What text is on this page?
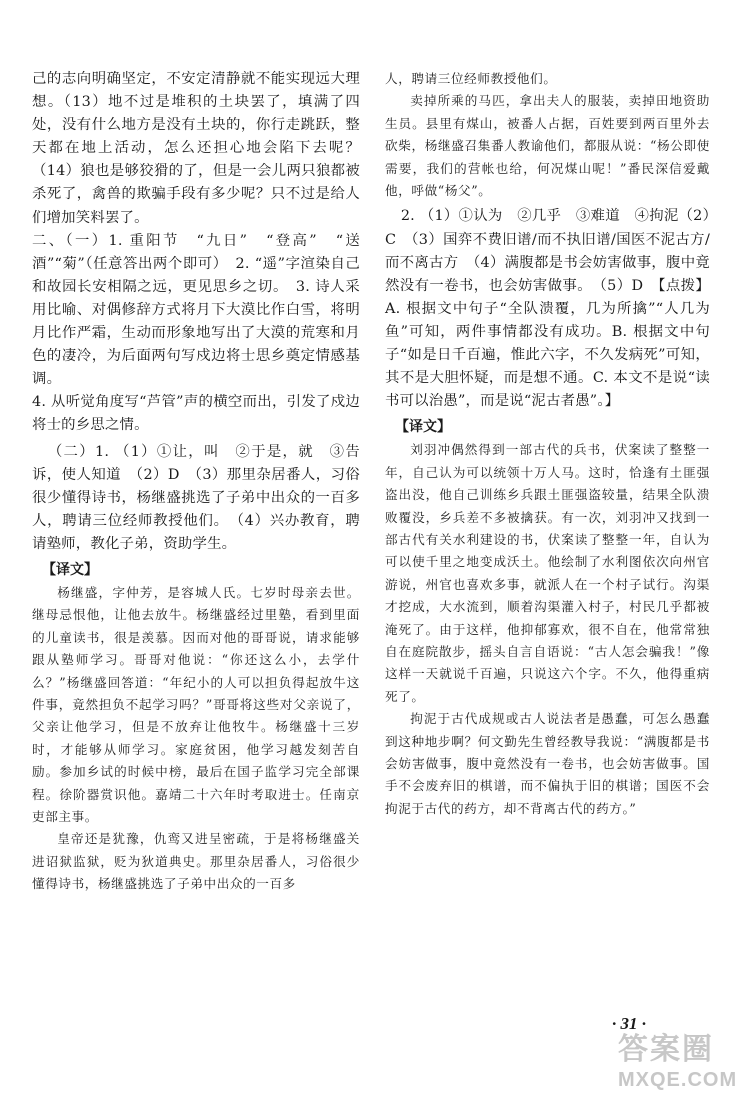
己的志向明确坚定，不安定清静就不能实现远大理想。（13）地不过是堆积的土块罢了，填满了四处，没有什么地方是没有土块的，你行走跳跃，整天都在地上活动，怎么还担心地会陷下去呢？（14）狼也是够狡猾的了，但是一会儿两只狼都被杀死了，禽兽的欺骗手段有多少呢？只不过是给人们增加笑料罢了。

二、（一）1. 重阳节　“九日”　“登高”　“送酒”“菊”（任意答出两个即可）　2. “遥”字渲染自己和故园长安相隔之远，更见思乡之切。　3. 诗人采用比喻、对偶修辞方式将月下大漠比作白雪，将明月比作严霜，生动而形象地写出了大漠的荒寒和月色的凄冷，为后面两句写戍边将士思乡奠定情感基调。

4. 从听觉角度写“芦管”声的横空而出，引发了戍边将士的乡思之情。

（二）1. （1）①让，叫　②于是，就　③告诉，使人知道　（2）D　（3）那里杂居番人，习俗很少懂得诗书，杨继盛挑选了子弟中出众的一百多人，聘请三位经师教授他们。　（4）兴办教育，聘请塾师，教化子弟，资助学生。

【译文】

杨继盛，字仲芳，是容城人氏。七岁时母亲去世。继母忌恨他，让他去放牛。杨继盛经过里塾，看到里面的儿童读书，很是羡慕。因而对他的哥哥说，请求能够跟从塾师学习。哥哥对他说：“你还这么小，去学什么？”杨继盛回答道：“年纪小的人可以担负得起放牛这件事，竟然担负不起学习吗？”哥哥将这些对父亲说了，父亲让他学习，但是不放弃让他牧牛。杨继盛十三岁时，才能够从师学习。家庭贫困，他学习越发刻苦自励。参加乡试的时候中榜，最后在国子监学习完全部课程。徐阶器赏识他。嘉靖二十六年时考取进士。任南京吏部主事。

皇帝还是犹豫，仇鸾又进呈密疏，于是将杨继盛关进诏狱监狱，贬为狄道典史。那里杂居番人，习俗很少懂得诗书，杨继盛挑选了子弟中出众的一百多

人，聘请三位经师教授他们。

卖掉所乘的马匹，拿出夫人的服装，卖掉田地资助生员。县里有煤山，被番人占据，百姓要到两百里外去砍柴，杨继盛召集番人教谕他们，都服从说：“杨公即使需要，我们的营帐也给，何况煤山呢！”番民深信爱戴他，呼做“杨父”。

2. （1）①认为　②几乎　③难道　④拘泥（2）C　（3）国弈不费旧谱/而不执旧谱/国医不泥古方/而不离古方　（4）满腹都是书会妨害做事，腹中竟然没有一卷书，也会妨害做事。　（5）D　【点拨】A. 根据文中句子“全队溃覆，几为所擒”“人几为鱼”可知，两件事情都没有成功。B. 根据文中句子“如是日千百遍，惟此六字，不久发病死”可知，其不是大胆怀疑，而是想不通。C. 本文不是说“读书可以治愚”，而是说“泥古者愚”。】

【译文】

刘羽冲偶然得到一部古代的兵书，伏案读了整整一年，自己认为可以统领十万人马。这时，恰逢有土匪强盗出没，他自己训练乡兵跟土匪强盗较量，结果全队溃败覆没，乡兵差不多被擒获。有一次，刘羽冲又找到一部古代有关水利建设的书，伏案读了整整一年，自认为可以使千里之地变成沃土。他绘制了水利图依次向州官游说，州官也喜欢多事，就派人在一个村子试行。沟渠才挖成，大水流到，顺着沟渠灌入村子，村民几乎都被淹死了。由于这样，他抑郁寡欢，很不自在，他常常独自在庭院散步，摇头自言自语说：“古人怎会骗我！”像这样一天就说千百遍，只说这六个字。不久，他得重病死了。

拘泥于古代成规或古人说法者是愚蠢，可怎么愚蠢到这种地步啊？何文勤先生曾经教导我说：“满腹都是书会妨害做事，腹中竟然没有一卷书，也会妨害做事。国手不会废弃旧的棋谱，而不偏执于旧的棋谱；国医不会拘泥于古代的药方，却不背离古代的药方。”

· 31 ·
答案圈
MXQE.COM
